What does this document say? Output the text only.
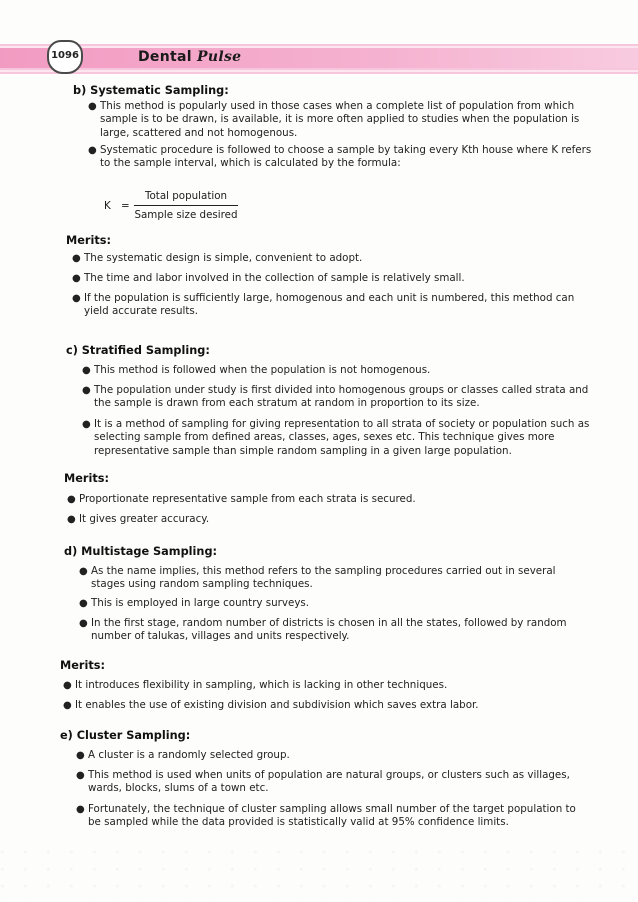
1096	Dental Pulse
b) Systematic Sampling:
● This method is popularly used in those cases when a complete list of population from which sample is to be drawn, is available, it is more often applied to studies when the population is large, scattered and not homogenous.
● Systematic procedure is followed to choose a sample by taking every Kth house where K refers to the sample interval, which is calculated by the formula:
K =
Total population
Sample size desired
Merits:
● The systematic design is simple, convenient to adopt.
● The time and labor involved in the collection of sample is relatively small.
● If the population is sufficiently large, homogenous and each unit is numbered, this method can yield accurate results.
c) Stratified Sampling:
● This method is followed when the population is not homogenous.
● The population under study is first divided into homogenous groups or classes called strata and the sample is drawn from each stratum at random in proportion to its size.
● It is a method of sampling for giving representation to all strata of society or population such as selecting sample from defined areas, classes, ages, sexes etc. This technique gives more representative sample than simple random sampling in a given large population.
Merits:
● Proportionate representative sample from each strata is secured.
● It gives greater accuracy.
d) Multistage Sampling:
● As the name implies, this method refers to the sampling procedures carried out in several stages using random sampling techniques.
● This is employed in large country surveys.
● In the first stage, random number of districts is chosen in all the states, followed by random number of talukas, villages and units respectively.
Merits:
● It introduces flexibility in sampling, which is lacking in other techniques.
● It enables the use of existing division and subdivision which saves extra labor.
e) Cluster Sampling:
● A cluster is a randomly selected group.
● This method is used when units of population are natural groups, or clusters such as villages, wards, blocks, slums of a town etc.
● Fortunately, the technique of cluster sampling allows small number of the target population to be sampled while the data provided is statistically valid at 95% confidence limits.
